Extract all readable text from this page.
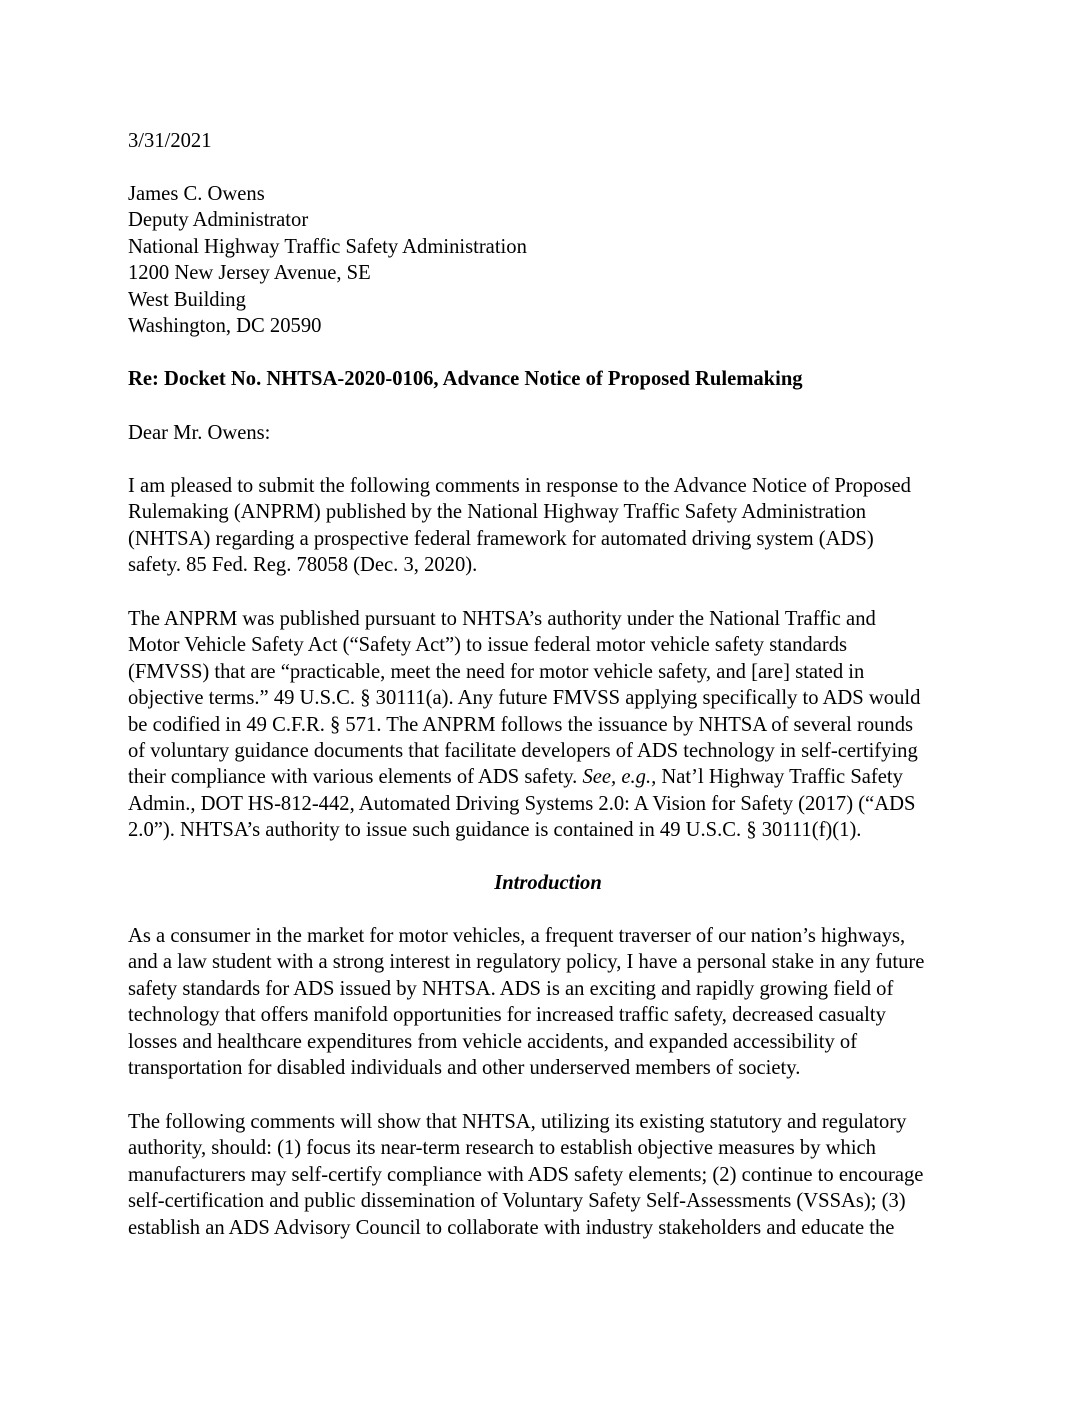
3/31/2021
James C. Owens
Deputy Administrator
National Highway Traffic Safety Administration
1200 New Jersey Avenue, SE
West Building
Washington, DC 20590
Re: Docket No. NHTSA-2020-0106, Advance Notice of Proposed Rulemaking
Dear Mr. Owens:
I am pleased to submit the following comments in response to the Advance Notice of Proposed
Rulemaking (ANPRM) published by the National Highway Traffic Safety Administration
(NHTSA) regarding a prospective federal framework for automated driving system (ADS)
safety. 85 Fed. Reg. 78058 (Dec. 3, 2020).
The ANPRM was published pursuant to NHTSA’s authority under the National Traffic and
Motor Vehicle Safety Act (“Safety Act”) to issue federal motor vehicle safety standards
(FMVSS) that are “practicable, meet the need for motor vehicle safety, and [are] stated in
objective terms.” 49 U.S.C. § 30111(a). Any future FMVSS applying specifically to ADS would
be codified in 49 C.F.R. § 571. The ANPRM follows the issuance by NHTSA of several rounds
of voluntary guidance documents that facilitate developers of ADS technology in self-certifying
their compliance with various elements of ADS safety. See, e.g., Nat’l Highway Traffic Safety
Admin., DOT HS-812-442, Automated Driving Systems 2.0: A Vision for Safety (2017) (“ADS
2.0”). NHTSA’s authority to issue such guidance is contained in 49 U.S.C. § 30111(f)(1).
Introduction
As a consumer in the market for motor vehicles, a frequent traverser of our nation’s highways,
and a law student with a strong interest in regulatory policy, I have a personal stake in any future
safety standards for ADS issued by NHTSA. ADS is an exciting and rapidly growing field of
technology that offers manifold opportunities for increased traffic safety, decreased casualty
losses and healthcare expenditures from vehicle accidents, and expanded accessibility of
transportation for disabled individuals and other underserved members of society.
The following comments will show that NHTSA, utilizing its existing statutory and regulatory
authority, should: (1) focus its near-term research to establish objective measures by which
manufacturers may self-certify compliance with ADS safety elements; (2) continue to encourage
self-certification and public dissemination of Voluntary Safety Self-Assessments (VSSAs); (3)
establish an ADS Advisory Council to collaborate with industry stakeholders and educate the
